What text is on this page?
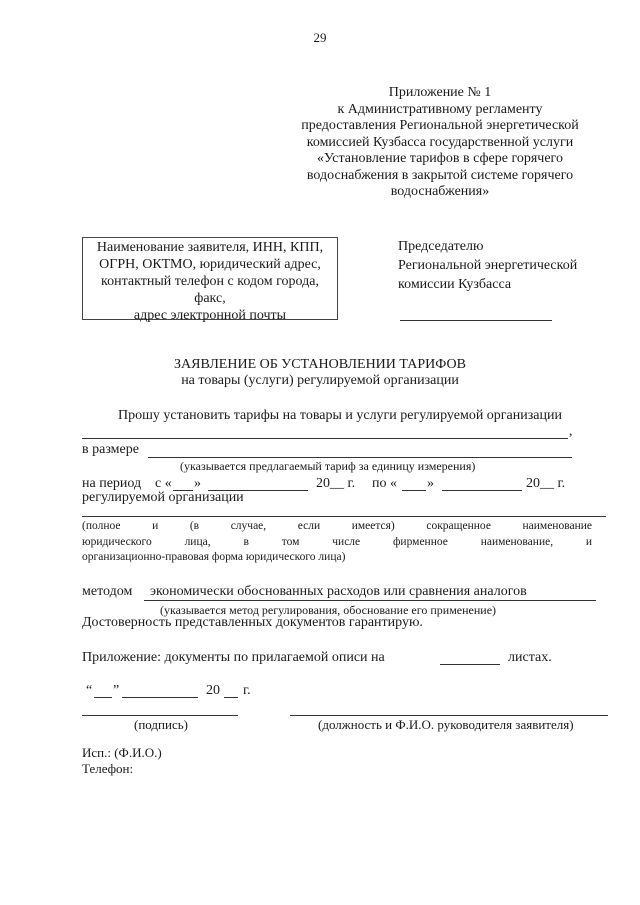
29
Приложение № 1
к Административному регламенту
предоставления Региональной энергетической
комиссией Кузбасса государственной услуги
«Установление тарифов в сфере горячего
водоснабжения в закрытой системе горячего
водоснабжения»
Наименование заявителя, ИНН, КПП,
ОГРН, ОКТМО, юридический адрес,
контактный телефон с кодом города,
факс,
адрес электронной почты
Председателю
Региональной энергетической
комиссии Кузбасса
ЗАЯВЛЕНИЕ ОБ УСТАНОВЛЕНИИ ТАРИФОВ
на товары (услуги) регулируемой организации
Прошу установить тарифы на товары и услуги регулируемой организации
,
в размере
(указывается предлагаемый тариф за единицу измерения)
на период с « »	20__ г. по « »	20__ г.
регулируемой организации
(полное	и	(в	случае,	если	имеется)	сокращенное	наименование
юридического	лица,	в	том	числе	фирменное	наименование,	и
организационно-правовая форма юридического лица)
методом экономически обоснованных расходов или сравнения аналогов
(указывается метод регулирования, обоснование его применение)
Достоверность представленных документов гарантирую.
Приложение: документы по прилагаемой описи на	листах.
“ ”	20 г.
(подпись)	(должность и Ф.И.О. руководителя заявителя)
Исп.: (Ф.И.О.)
Телефон:
